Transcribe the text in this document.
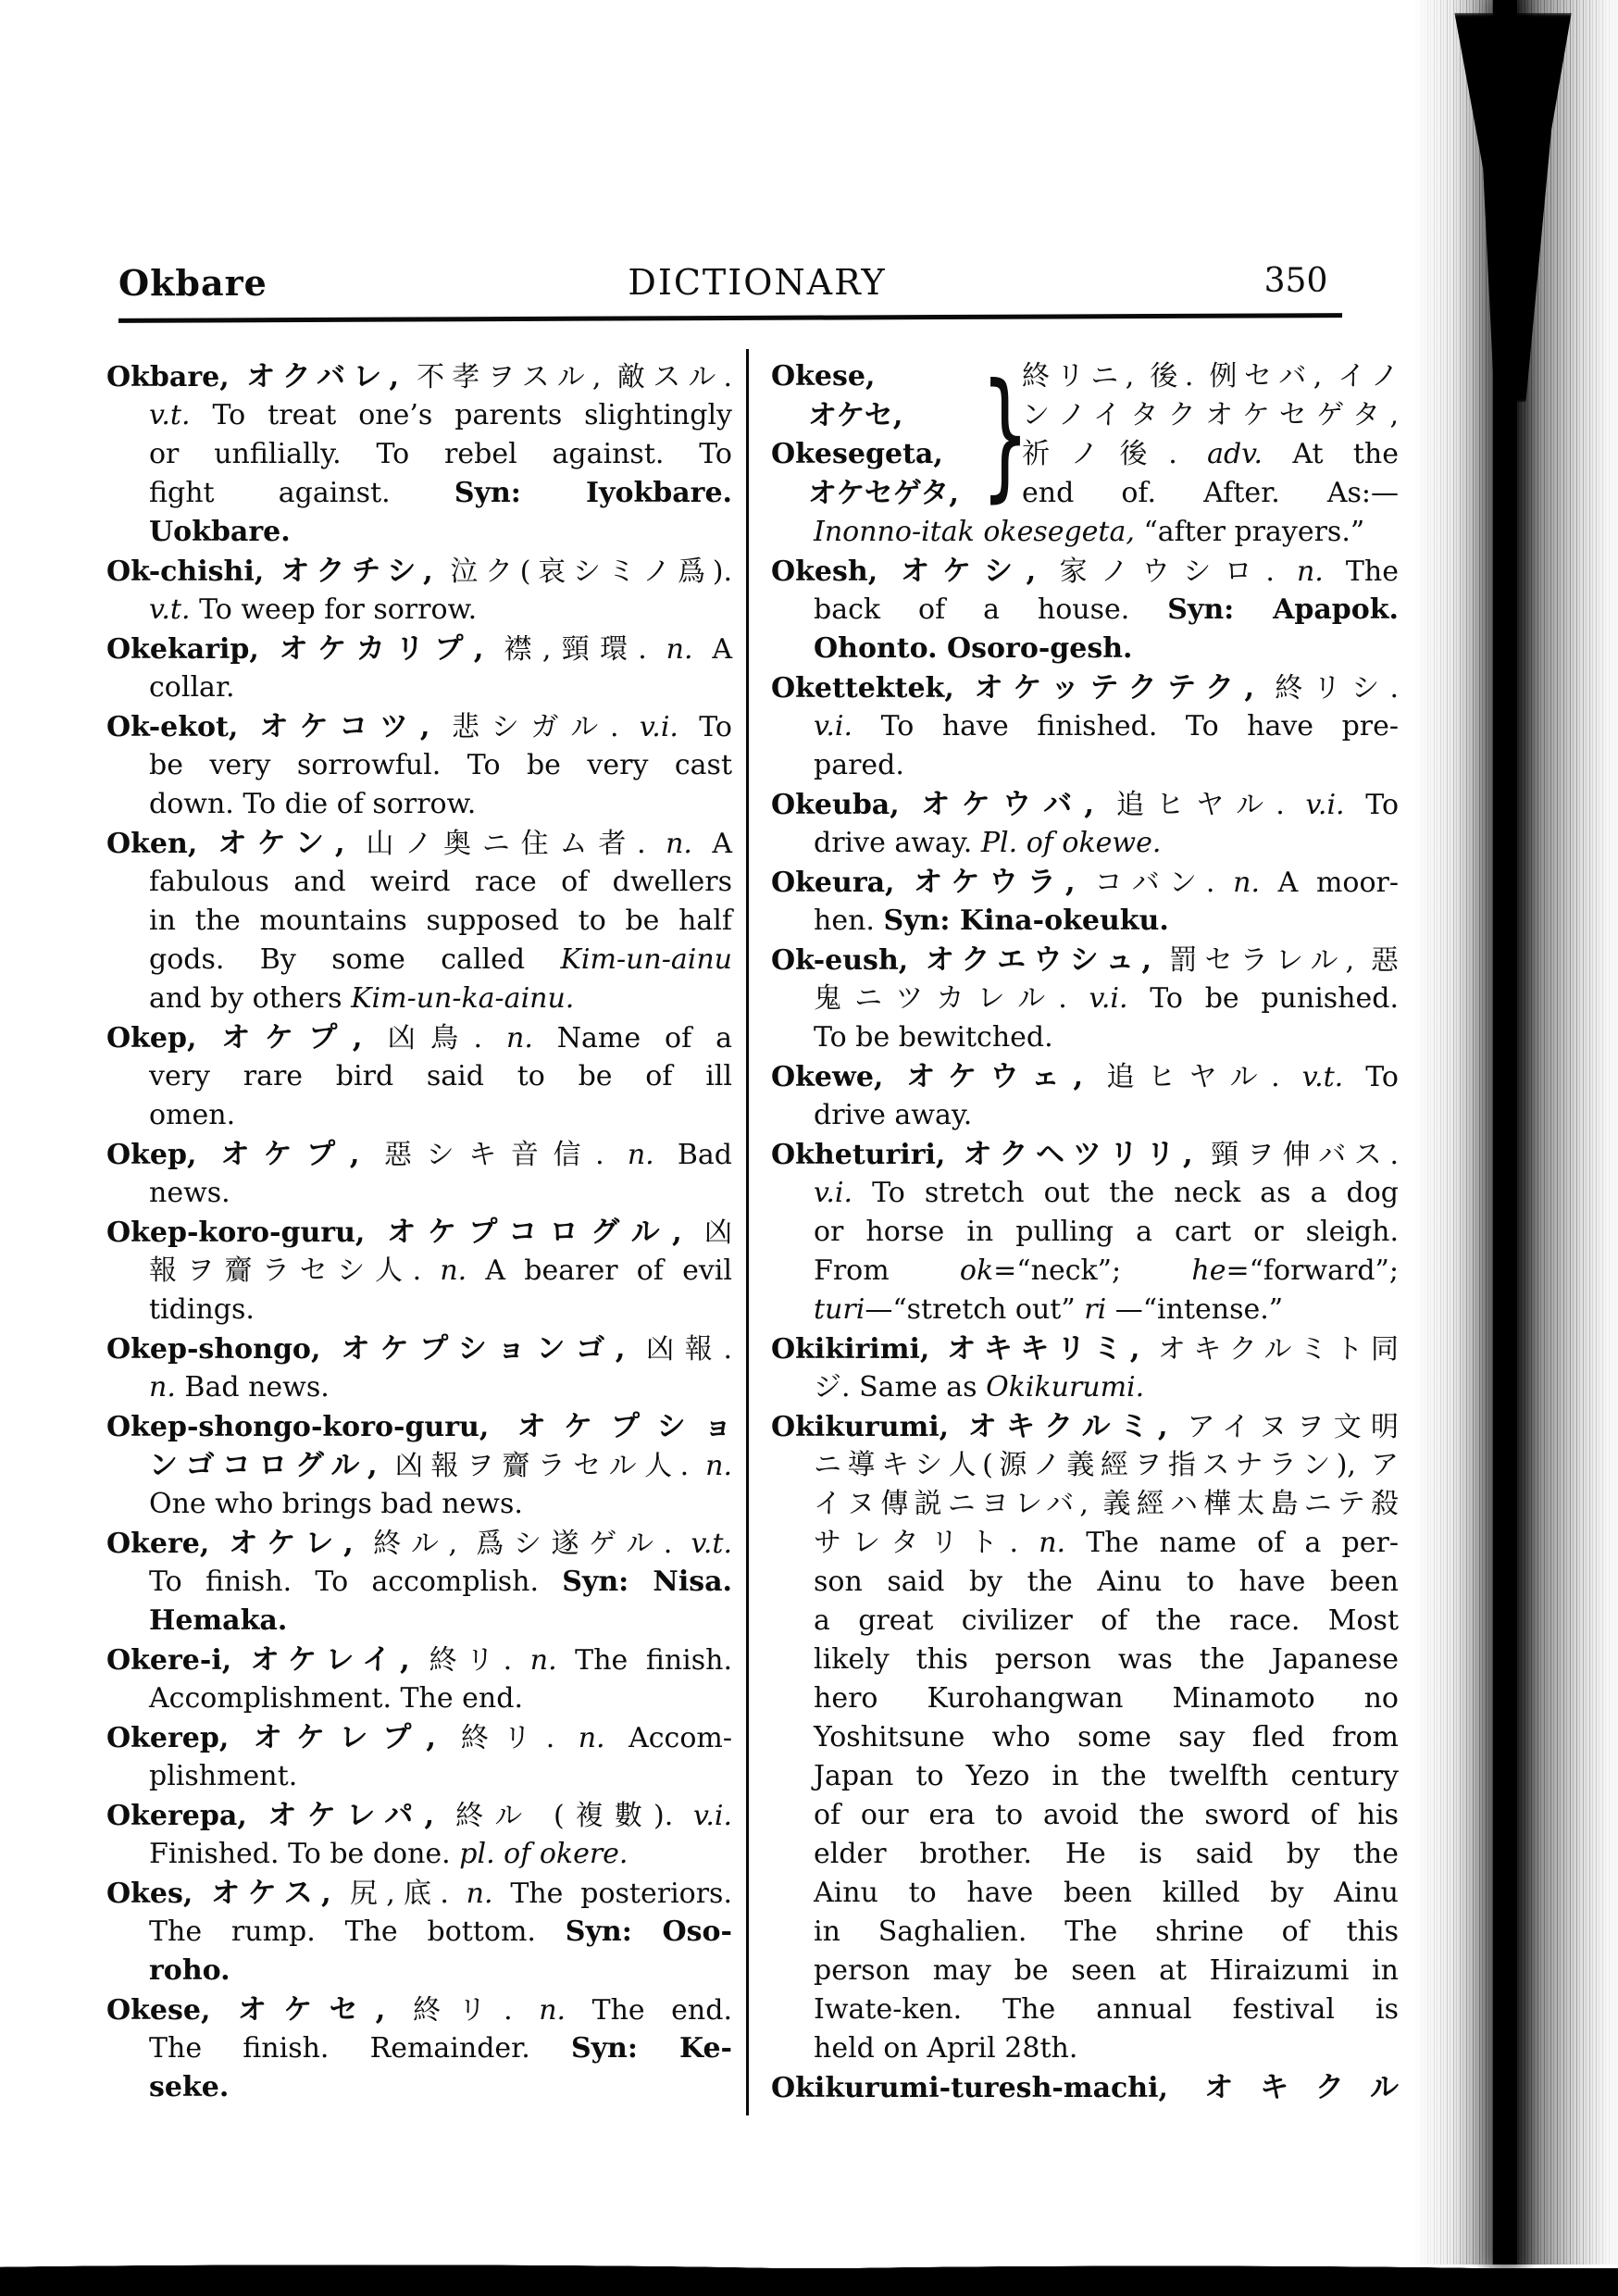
Okbare	DICTIONARY	350
Okbare, オクバレ, 不孝ヲスル, 敵スル.
v.t. To treat one’s parents slightingly
or unfilially. To rebel against. To
fight against. Syn: Iyokbare.
Uokbare.
Ok-chishi, オクチシ, 泣ク(哀シミノ爲).
v.t. To weep for sorrow.
Okekarip, オケカリプ, 襟,頸環. n. A
collar.
Ok-ekot, オケコツ, 悲シガル. v.i. To
be very sorrowful. To be very cast
down. To die of sorrow.
Oken, オケン, 山ノ奥ニ住ム者. n. A
fabulous and weird race of dwellers
in the mountains supposed to be half
gods. By some called Kim-un-ainu
and by others Kim-un-ka-ainu.
Okep, オケプ, 凶鳥. n. Name of a
very rare bird said to be of ill
omen.
Okep, オケプ, 惡シキ音信. n. Bad
news.
Okep-koro-guru, オケプコログル, 凶
報ヲ齎ラセシ人. n. A bearer of evil
tidings.
Okep-shongo, オケプションゴ, 凶報.
n. Bad news.
Okep-shongo-koro-guru, オケプショ
ンゴコログル, 凶報ヲ齎ラセル人. n.
One who brings bad news.
Okere, オケレ, 終ル, 爲シ遂ゲル. v.t.
To finish. To accomplish. Syn: Nisa.
Hemaka.
Okere-i, オケレイ, 終リ. n. The finish.
Accomplishment. The end.
Okerep, オケレプ, 終リ. n. Accom-
plishment.
Okerepa, オケレパ, 終ル (複數). v.i.
Finished. To be done. pl. of okere.
Okes, オケス, 尻,底. n. The posteriors.
The rump. The bottom. Syn: Oso-
roho.
Okese, オケセ, 終リ. n. The end.
The finish. Remainder. Syn: Ke-
seke.
Okese,
オケセ,
Okesegeta,
オケセゲタ, }
終リニ, 後. 例セバ, イノ
ンノイタクオケセゲタ,
祈ノ後. adv. At the
end of. After. As:—
Inonno-itak okesegeta, “after prayers.”
Okesh, オケシ, 家ノウシロ. n. The
back of a house. Syn: Apapok.
Ohonto. Osoro-gesh.
Okettektek, オケッテクテク, 終リシ.
v.i. To have finished. To have pre-
pared.
Okeuba, オケウバ, 追ヒヤル. v.i. To
drive away. Pl. of okewe.
Okeura, オケウラ, コバン. n. A moor-
hen. Syn: Kina-okeuku.
Ok-eush, オクエウシュ, 罰セラレル, 惡
鬼ニツカレル. v.i. To be punished.
To be bewitched.
Okewe, オケウェ, 追ヒヤル. v.t. To
drive away.
Okheturiri, オクヘツリリ, 頸ヲ伸バス.
v.i. To stretch out the neck as a dog
or horse in pulling a cart or sleigh.
From ok=“neck”; he=“forward”;
turi—“stretch out” ri —“intense.”
Okikirimi, オキキリミ, オキクルミト同
ジ. Same as Okikurumi.
Okikurumi, オキクルミ, アイヌヲ文明
ニ導キシ人(源ノ義經ヲ指スナラン), ア
イヌ傳説ニヨレバ, 義經ハ樺太島ニテ殺
サレタリト. n. The name of a per-
son said by the Ainu to have been
a great civilizer of the race. Most
likely this person was the Japanese
hero Kurohangwan Minamoto no
Yoshitsune who some say fled from
Japan to Yezo in the twelfth century
of our era to avoid the sword of his
elder brother. He is said by the
Ainu to have been killed by Ainu
in Saghalien. The shrine of this
person may be seen at Hiraizumi in
Iwate-ken. The annual festival is
held on April 28th.
Okikurumi-turesh-machi, オキクル
